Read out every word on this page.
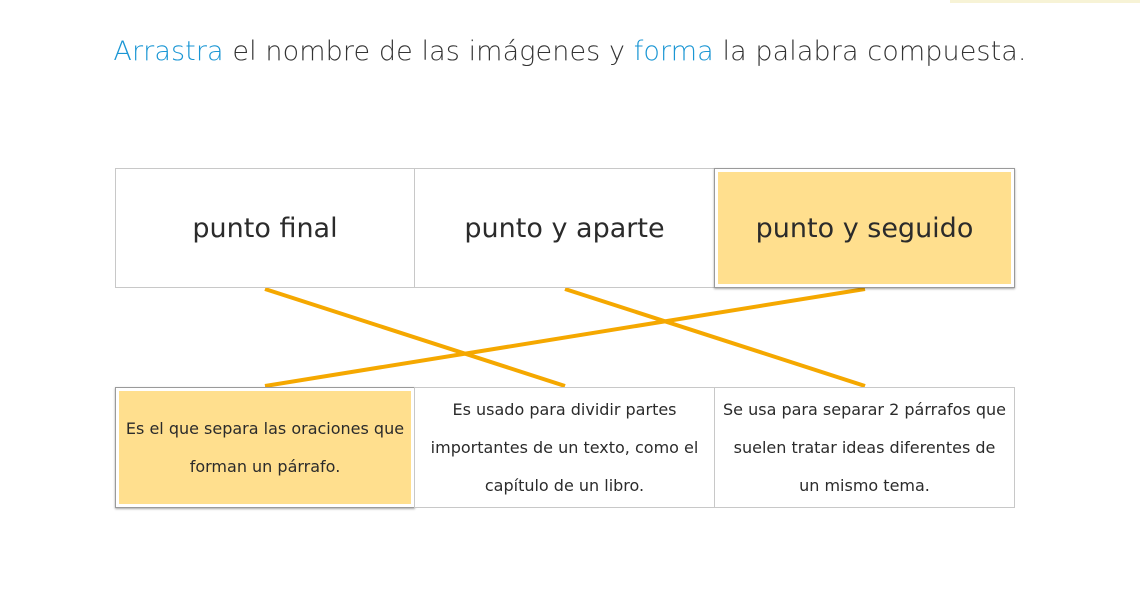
Arrastra el nombre de las imágenes y forma la palabra compuesta.
punto final	punto y aparte	punto y seguido
Es el que separa las oraciones que forman un párrafo.
Es usado para dividir partes importantes de un texto, como el capítulo de un libro.
Se usa para separar 2 párrafos que suelen tratar ideas diferentes de un mismo tema.
